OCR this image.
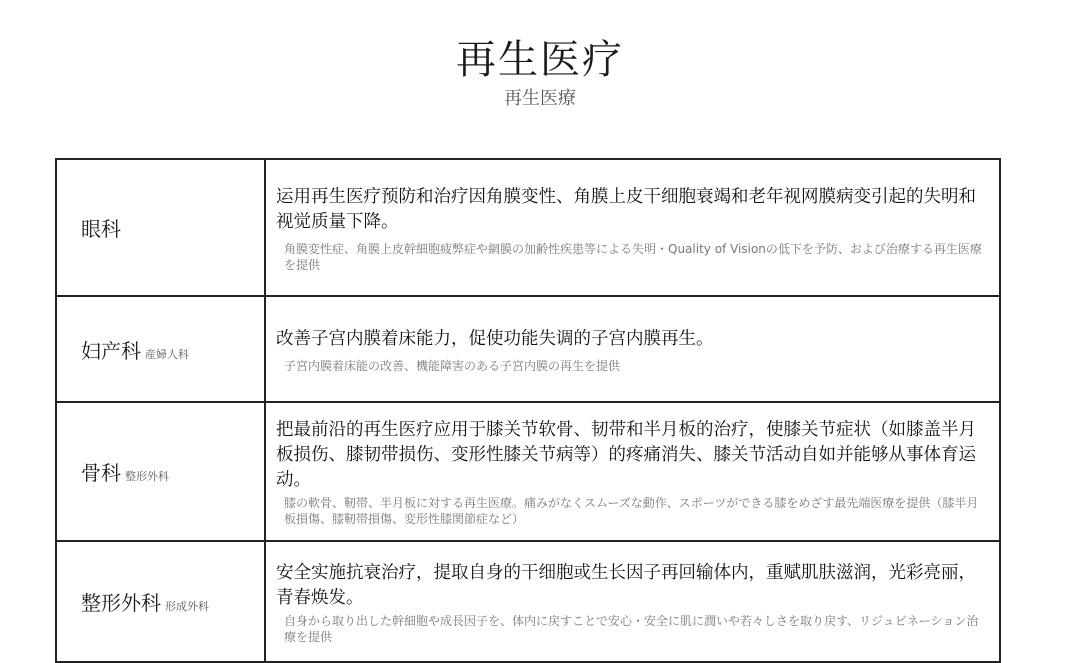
再生医疗
再生医療
眼科	运用再生医疗预防和治疗因角膜变性、角膜上皮干细胞衰竭和老年视网膜病变引起的失明和视觉质量下降。
角膜変性症、角膜上皮幹細胞疲弊症や網膜の加齢性疾患等による失明・Quality of Visionの低下を予防、および治療する再生医療を提供

妇产科 産婦人科	改善子宫内膜着床能力，促使功能失调的子宫内膜再生。
子宮内膜着床能の改善、機能障害のある子宮内膜の再生を提供

骨科 整形外科	把最前沿的再生医疗应用于膝关节软骨、韧带和半月板的治疗，使膝关节症状（如膝盖半月板损伤、膝韧带损伤、变形性膝关节病等）的疼痛消失、膝关节活动自如并能够从事体育运动。
膝の軟骨、靭帯、半月板に対する再生医療。痛みがなくスムーズな動作、スポーツができる膝をめざす最先端医療を提供（膝半月板損傷、膝靭帯損傷、変形性膝関節症など）

整形外科 形成外科	安全实施抗衰治疗，提取自身的干细胞或生长因子再回输体内，重赋肌肤滋润，光彩亮丽，青春焕发。
自身から取り出した幹細胞や成長因子を、体内に戻すことで安心・安全に肌に潤いや若々しさを取り戻す、リジュビネーション治療を提供
